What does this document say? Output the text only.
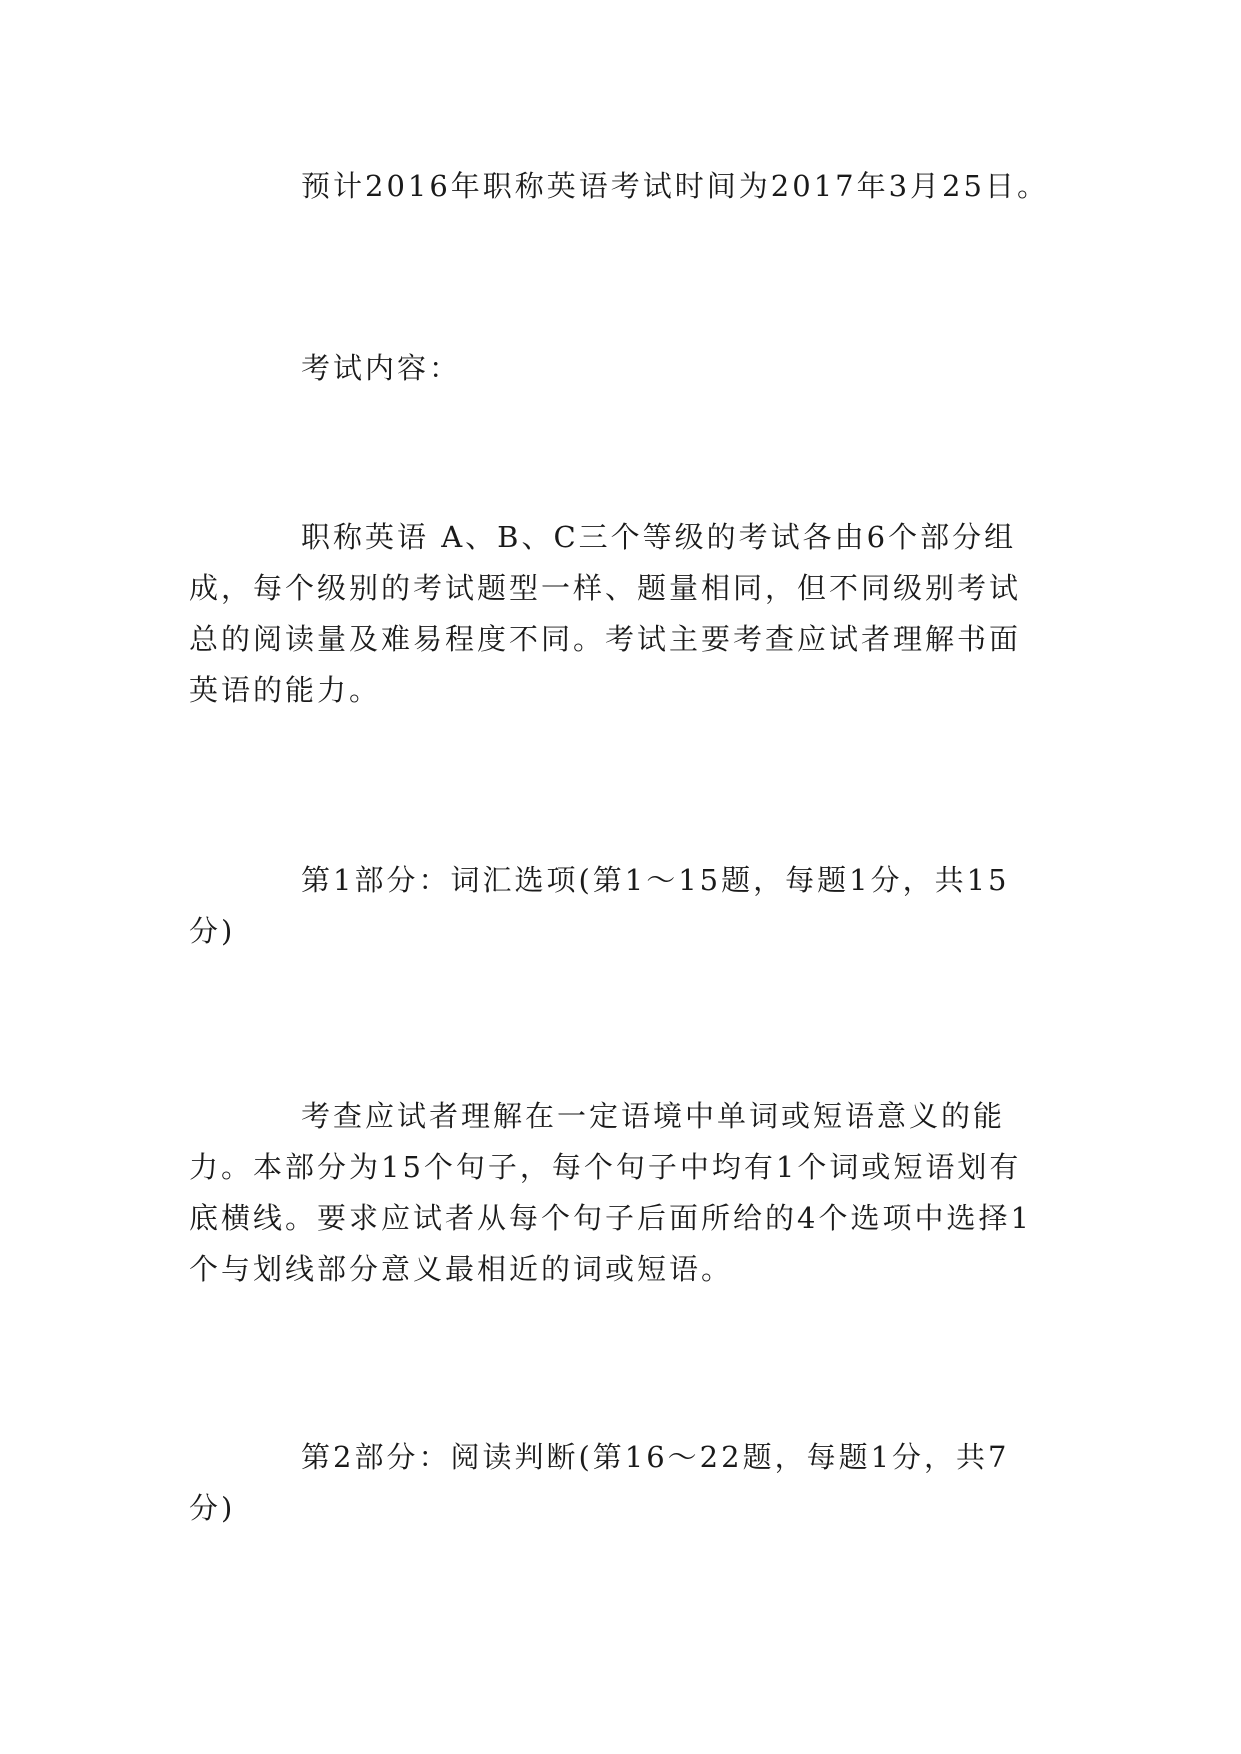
预计2016年职称英语考试时间为2017年3月25日。

考试内容：

职称英语 A、B、C三个等级的考试各由6个部分组成，每个级别的考试题型一样、题量相同，但不同级别考试总的阅读量及难易程度不同。考试主要考查应试者理解书面英语的能力。

第1部分：词汇选项(第1～15题，每题1分，共15分)

考查应试者理解在一定语境中单词或短语意义的能力。本部分为15个句子，每个句子中均有1个词或短语划有底横线。要求应试者从每个句子后面所给的4个选项中选择1个与划线部分意义最相近的词或短语。

第2部分：阅读判断(第16～22题，每题1分，共7分)
